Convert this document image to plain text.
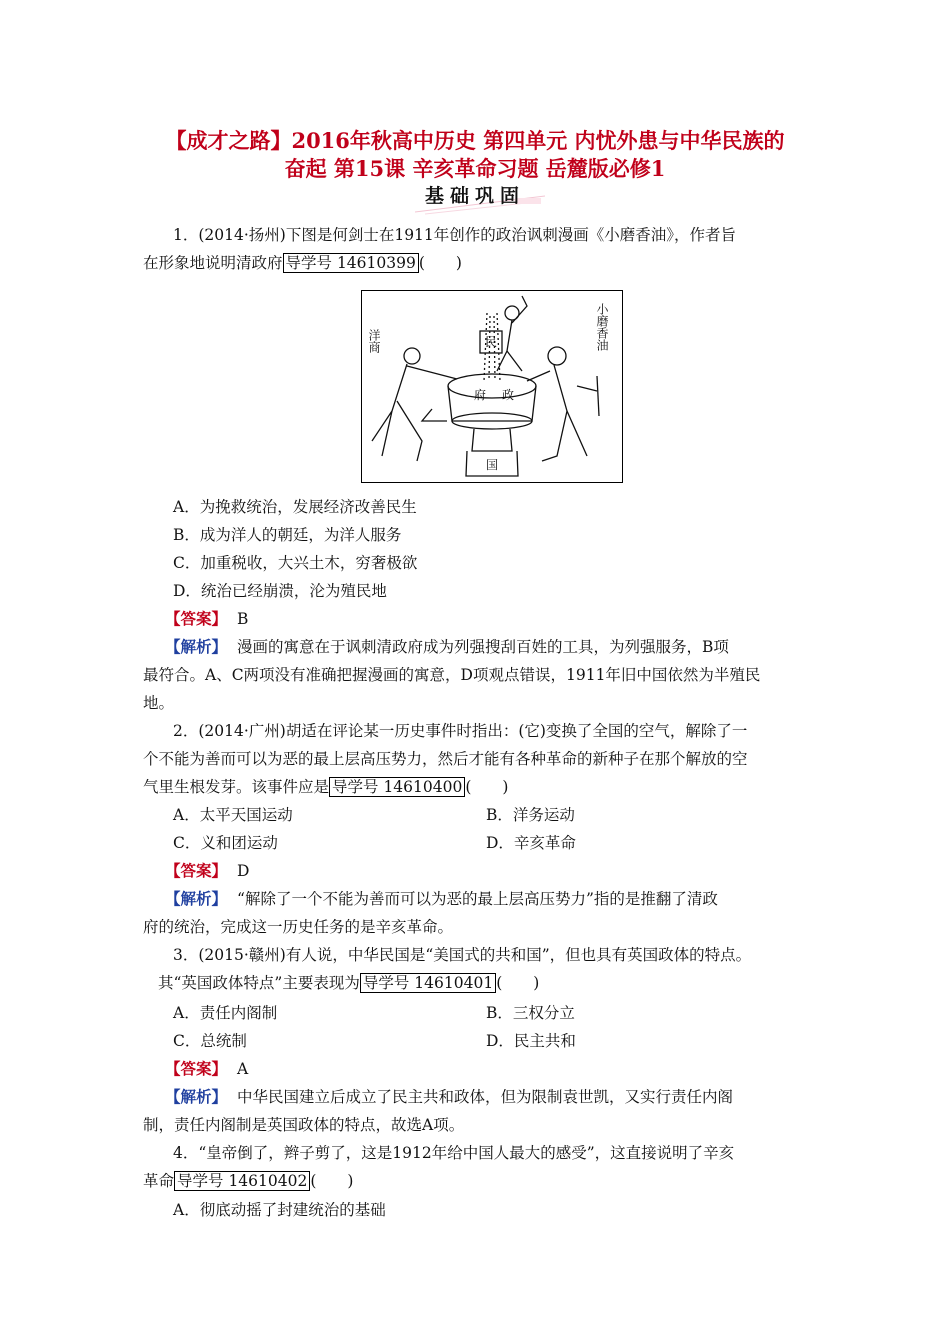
【成才之路】2016年秋高中历史 第四单元 内忧外患与中华民族的
奋起 第15课 辛亥革命习题 岳麓版必修1
基础巩固
1．(2014·扬州)下图是何剑士在1911年创作的政治讽刺漫画《小磨香油》，作者旨
在形象地说明清政府 导学号 14610399 (　　)
民
府 政
国
小磨香油
洋商
A．为挽救统治，发展经济改善民生
B．成为洋人的朝廷，为洋人服务
C．加重税收，大兴土木，穷奢极欲
D．统治已经崩溃，沦为殖民地
【答案】 B
【解析】 漫画的寓意在于讽刺清政府成为列强搜刮百姓的工具，为列强服务，B项
最符合。A、C两项没有准确把握漫画的寓意，D项观点错误，1911年旧中国依然为半殖民
地。
2．(2014·广州)胡适在评论某一历史事件时指出：(它)变换了全国的空气，解除了一
个不能为善而可以为恶的最上层高压势力，然后才能有各种革命的新种子在那个解放的空
气里生根发芽。该事件应是 导学号 14610400 (　　)
A．太平天国运动	B．洋务运动
C．义和团运动	D．辛亥革命
【答案】 D
【解析】 “解除了一个不能为善而可以为恶的最上层高压势力”指的是推翻了清政
府的统治，完成这一历史任务的是辛亥革命。
3．(2015·赣州)有人说，中华民国是“美国式的共和国”，但也具有英国政体的特点。
其“英国政体特点”主要表现为 导学号 14610401 (　　)
A．责任内阁制	B．三权分立
C．总统制	D．民主共和
【答案】 A
【解析】 中华民国建立后成立了民主共和政体，但为限制袁世凯，又实行责任内阁
制，责任内阁制是英国政体的特点，故选A项。
4．“皇帝倒了，辫子剪了，这是1912年给中国人最大的感受”，这直接说明了辛亥
革命 导学号 14610402 (　　)
A．彻底动摇了封建统治的基础
